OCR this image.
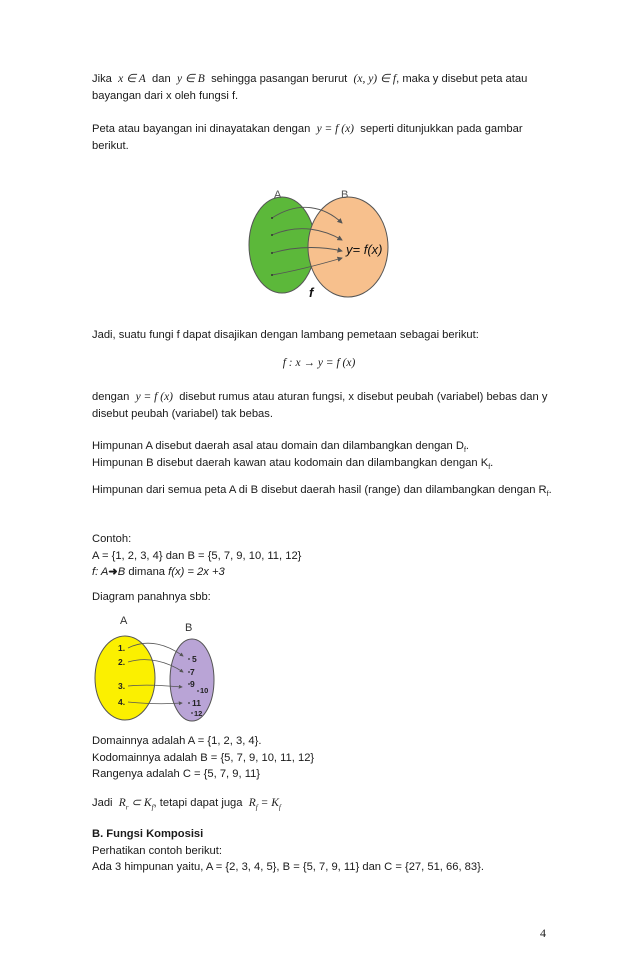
Jika x ∈ A dan y ∈ B sehingga pasangan berurut (x, y) ∈ f, maka y disebut peta atau bayangan dari x oleh fungsi f.

Peta atau bayangan ini dinayatakan dengan y = f (x) seperti ditunjukkan pada gambar berikut.

A	B
y= f(x)
f

Jadi, suatu fungi f dapat disajikan dengan lambang pemetaan sebagai berikut:

f : x → y = f (x)

dengan y = f (x) disebut rumus atau aturan fungsi, x disebut peubah (variabel) bebas dan y disebut peubah (variabel) tak bebas.

Himpunan A disebut daerah asal atau domain dan dilambangkan dengan $D_f$.
Himpunan B disebut daerah kawan atau kodomain dan dilambangkan dengan $K_f$.

Himpunan dari semua peta A di B disebut daerah hasil (range) dan dilambangkan dengan $R_f$.

Contoh:
A = {1, 2, 3, 4} dan B = {5, 7, 9, 10, 11, 12}
f: A➜B dimana f(x) = 2x +3

Diagram panahnya sbb:

A
B
1.
2.
3.
4.
5
7
9
10
11
12

Domainnya adalah A = {1, 2, 3, 4}.
Kodomainnya adalah B = {5, 7, 9, 10, 11, 12}
Rangenya adalah C = {5, 7, 9, 11}

Jadi $R_r$ ⊂ $K_f$, tetapi dapat juga $R_f = K_f$

B. Fungsi Komposisi
Perhatikan contoh berikut:
Ada 3 himpunan yaitu, A = {2, 3, 4, 5}, B = {5, 7, 9, 11} dan C = {27, 51, 66, 83}.

4
